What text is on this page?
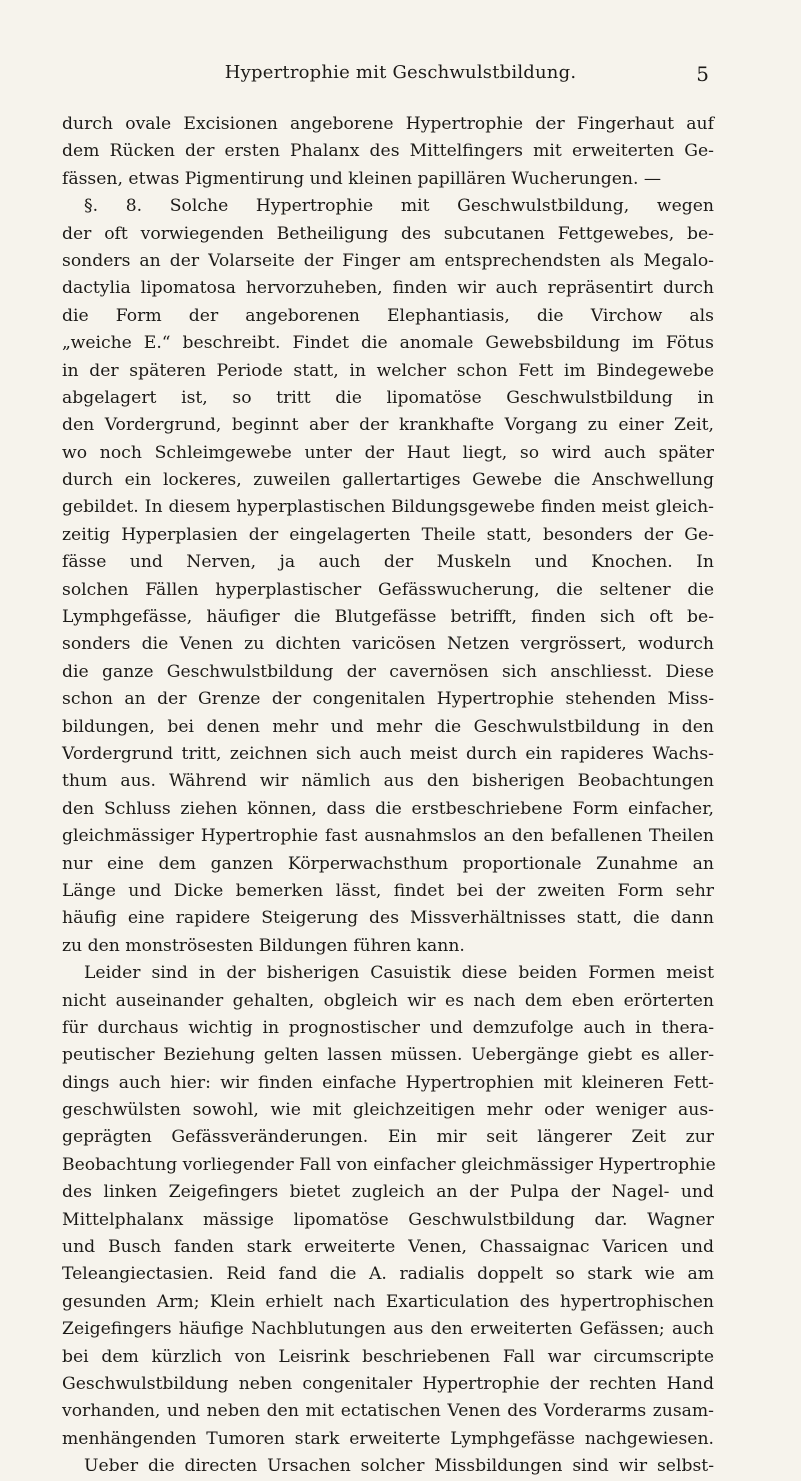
Hypertrophie mit Geschwulstbildung.	5
durch ovale Excisionen angeborene Hypertrophie der Fingerhaut auf
dem Rücken der ersten Phalanx des Mittelfingers mit erweiterten Ge-
fässen, etwas Pigmentirung und kleinen papillären Wucherungen. —
§. 8. Solche Hypertrophie mit Geschwulstbildung, wegen
der oft vorwiegenden Betheiligung des subcutanen Fettgewebes, be-
sonders an der Volarseite der Finger am entsprechendsten als Megalo-
dactylia lipomatosa hervorzuheben, finden wir auch repräsentirt durch
die Form der angeborenen Elephantiasis, die Virchow als
„weiche E.“ beschreibt. Findet die anomale Gewebsbildung im Fötus
in der späteren Periode statt, in welcher schon Fett im Bindegewebe
abgelagert ist, so tritt die lipomatöse Geschwulstbildung in
den Vordergrund, beginnt aber der krankhafte Vorgang zu einer Zeit,
wo noch Schleimgewebe unter der Haut liegt, so wird auch später
durch ein lockeres, zuweilen gallertartiges Gewebe die Anschwellung
gebildet. In diesem hyperplastischen Bildungsgewebe finden meist gleich-
zeitig Hyperplasien der eingelagerten Theile statt, besonders der Ge-
fässe und Nerven, ja auch der Muskeln und Knochen. In
solchen Fällen hyperplastischer Gefässwucherung, die seltener die
Lymphgefässe, häufiger die Blutgefässe betrifft, finden sich oft be-
sonders die Venen zu dichten varicösen Netzen vergrössert, wodurch
die ganze Geschwulstbildung der cavernösen sich anschliesst. Diese
schon an der Grenze der congenitalen Hypertrophie stehenden Miss-
bildungen, bei denen mehr und mehr die Geschwulstbildung in den
Vordergrund tritt, zeichnen sich auch meist durch ein rapideres Wachs-
thum aus. Während wir nämlich aus den bisherigen Beobachtungen
den Schluss ziehen können, dass die erstbeschriebene Form einfacher,
gleichmässiger Hypertrophie fast ausnahmslos an den befallenen Theilen
nur eine dem ganzen Körperwachsthum proportionale Zunahme an
Länge und Dicke bemerken lässt, findet bei der zweiten Form sehr
häufig eine rapidere Steigerung des Missverhältnisses statt, die dann
zu den monströsesten Bildungen führen kann.
Leider sind in der bisherigen Casuistik diese beiden Formen meist
nicht auseinander gehalten, obgleich wir es nach dem eben erörterten
für durchaus wichtig in prognostischer und demzufolge auch in thera-
peutischer Beziehung gelten lassen müssen. Uebergänge giebt es aller-
dings auch hier: wir finden einfache Hypertrophien mit kleineren Fett-
geschwülsten sowohl, wie mit gleichzeitigen mehr oder weniger aus-
geprägten Gefässveränderungen. Ein mir seit längerer Zeit zur
Beobachtung vorliegender Fall von einfacher gleichmässiger Hypertrophie
des linken Zeigefingers bietet zugleich an der Pulpa der Nagel- und
Mittelphalanx mässige lipomatöse Geschwulstbildung dar. Wagner
und Busch fanden stark erweiterte Venen, Chassaignac Varicen und
Teleangiectasien. Reid fand die A. radialis doppelt so stark wie am
gesunden Arm; Klein erhielt nach Exarticulation des hypertrophischen
Zeigefingers häufige Nachblutungen aus den erweiterten Gefässen; auch
bei dem kürzlich von Leisrink beschriebenen Fall war circumscripte
Geschwulstbildung neben congenitaler Hypertrophie der rechten Hand
vorhanden, und neben den mit ectatischen Venen des Vorderarms zusam-
menhängenden Tumoren stark erweiterte Lymphgefässe nachgewiesen.
Ueber die directen Ursachen solcher Missbildungen sind wir selbst-
